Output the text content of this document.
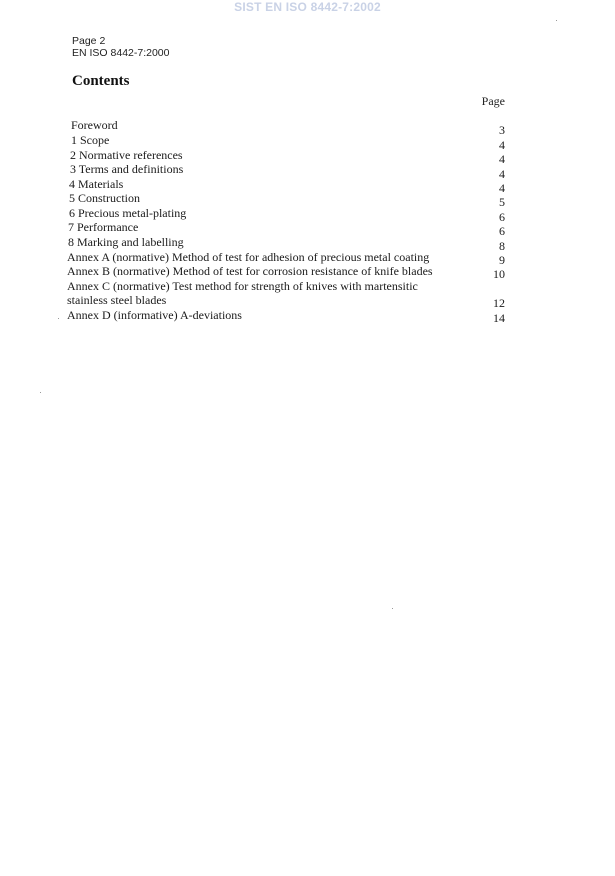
SIST EN ISO 8442-7:2002
Page 2
EN ISO 8442-7:2000
Contents
Page
Foreword	3
1 Scope	4
2 Normative references	4
3 Terms and definitions	4
4 Materials	4
5 Construction	5
6 Precious metal-plating	6
7 Performance	6
8 Marking and labelling	8
Annex A (normative) Method of test for adhesion of precious metal coating	9
Annex B (normative) Method of test for corrosion resistance of knife blades	10
Annex C (normative) Test method for strength of knives with martensitic
stainless steel blades	12
Annex D (informative) A-deviations	14
